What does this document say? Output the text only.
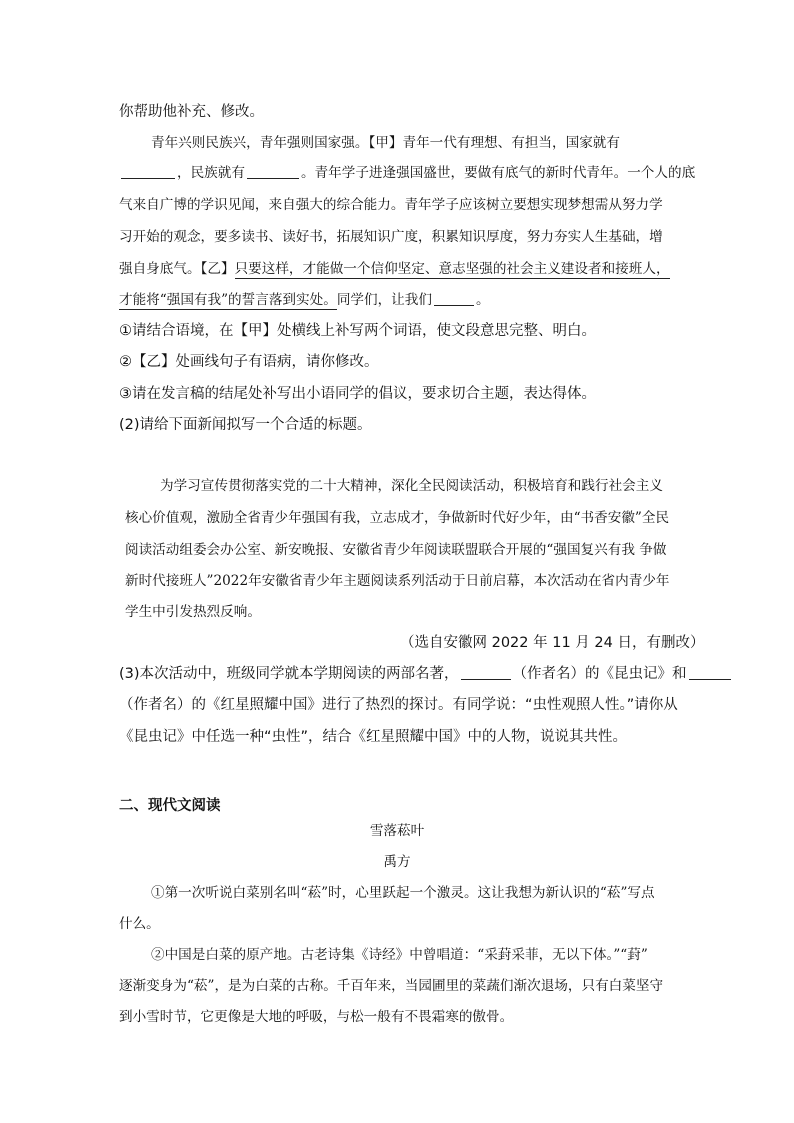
你帮助他补充、修改。
青年兴则民族兴，青年强则国家强。【甲】青年一代有理想、有担当，国家就有
，民族就有	。青年学子进逢强国盛世，要做有底气的新时代青年。一个人的底
气来自广博的学识见闻，来自强大的综合能力。青年学子应该树立要想实现梦想需从努力学
习开始的观念，要多读书、读好书，拓展知识广度，积累知识厚度，努力夯实人生基础，增
强自身底气。【乙】只要这样，才能做一个信仰坚定、意志坚强的社会主义建设者和接班人，
才能将“强国有我”的誓言落到实处。同学们，让我们	。
①请结合语境，在【甲】处横线上补写两个词语，使文段意思完整、明白。
②【乙】处画线句子有语病，请你修改。
③请在发言稿的结尾处补写出小语同学的倡议，要求切合主题，表达得体。
(2)请给下面新闻拟写一个合适的标题。
为学习宣传贯彻落实党的二十大精神，深化全民阅读活动，积极培育和践行社会主义
核心价值观，激励全省青少年强国有我，立志成才，争做新时代好少年，由“书香安徽”全民
阅读活动组委会办公室、新安晚报、安徽省青少年阅读联盟联合开展的“强国复兴有我 争做
新时代接班人”2022年安徽省青少年主题阅读系列活动于日前启幕，本次活动在省内青少年
学生中引发热烈反响。
（选自安徽网 2022 年 11 月 24 日，有删改）
(3)本次活动中，班级同学就本学期阅读的两部名著，	（作者名）的《昆虫记》和
（作者名）的《红星照耀中国》进行了热烈的探讨。有同学说：“虫性观照人性。”请你从
《昆虫记》中任选一种“虫性”，结合《红星照耀中国》中的人物，说说其共性。
二、现代文阅读
雪落菘叶
禹方
①第一次听说白菜别名叫“菘”时，心里跃起一个激灵。这让我想为新认识的“菘”写点
什么。
②中国是白菜的原产地。古老诗集《诗经》中曾唱道：“采葑采菲，无以下体。”“葑”
逐渐变身为“菘”，是为白菜的古称。千百年来，当园圃里的菜蔬们渐次退场，只有白菜坚守
到小雪时节，它更像是大地的呼吸，与松一般有不畏霜寒的傲骨。
